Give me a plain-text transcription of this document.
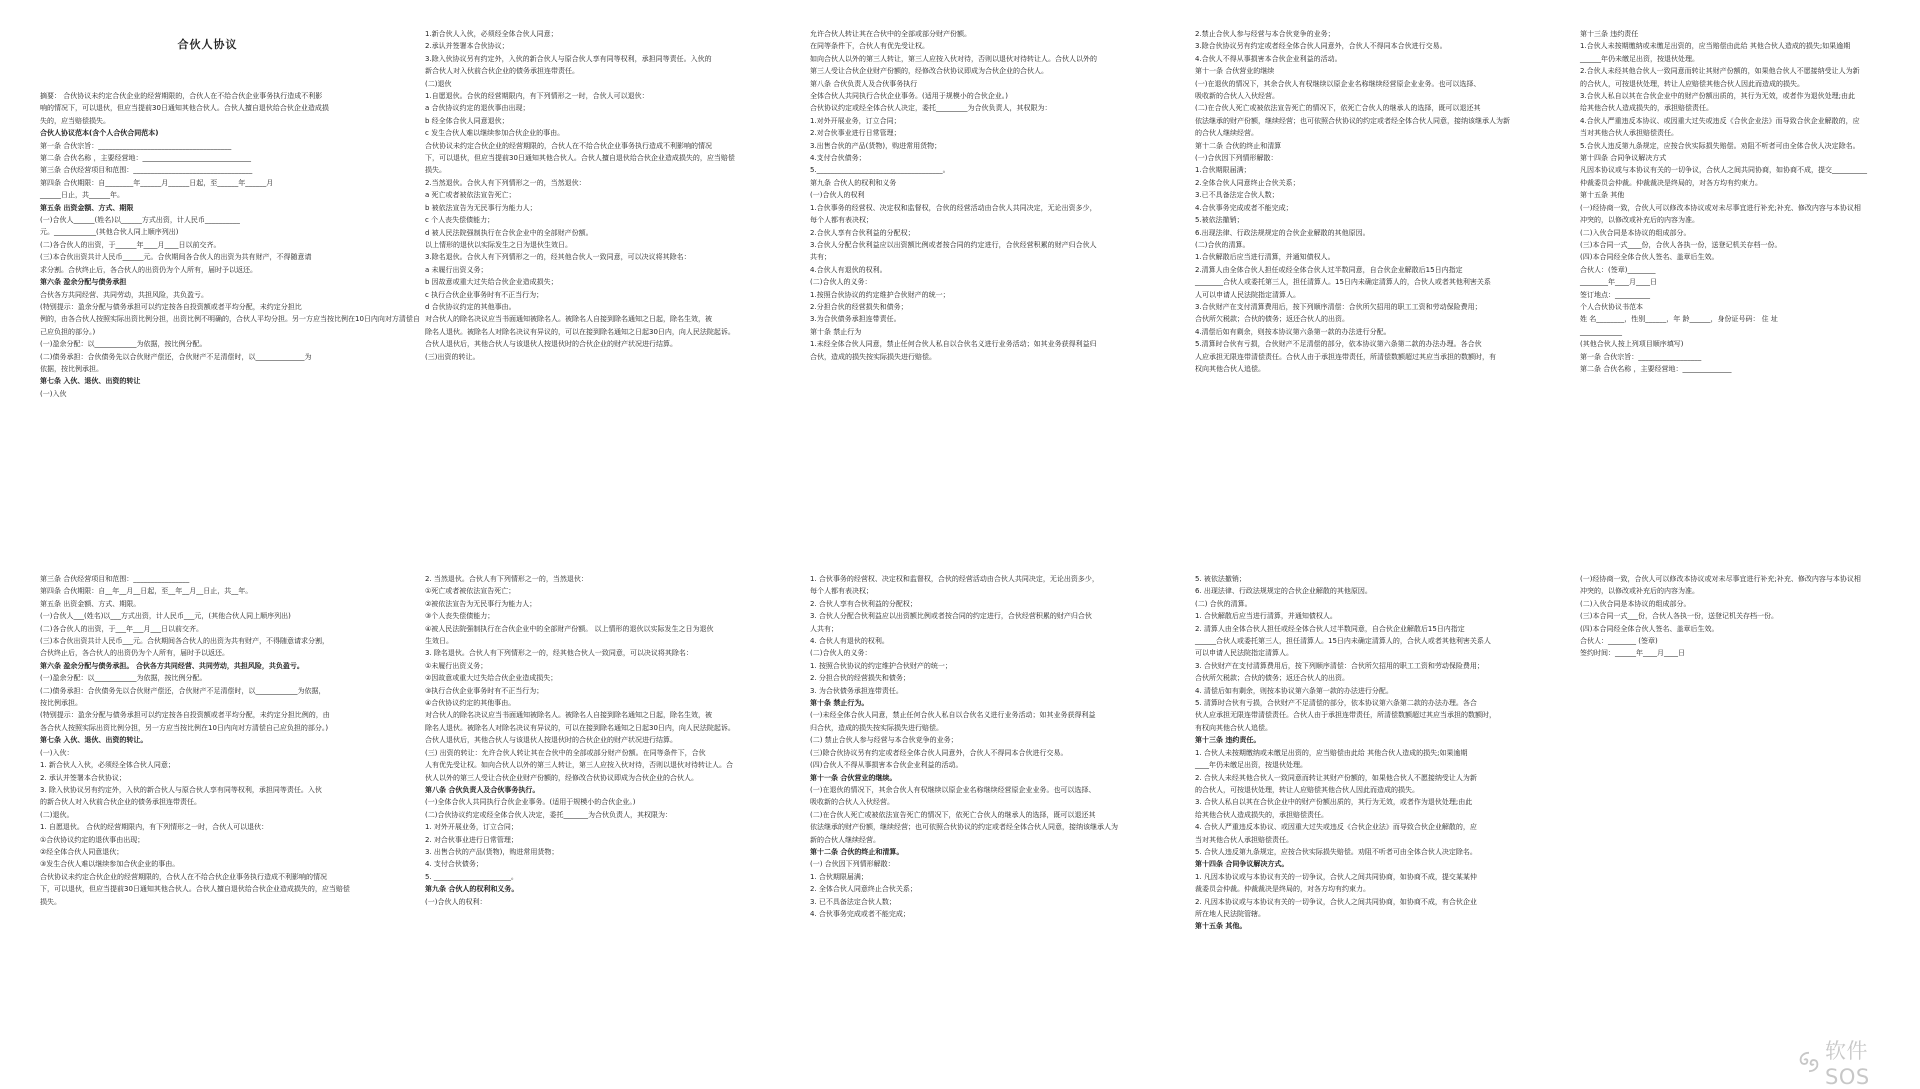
合伙人协议
摘要： 合伙协议未约定合伙企业的经营期限的，合伙人在不给合伙企业事务执行造成不利影
响的情况下，可以退伙，但应当提前30日通知其他合伙人。合伙人擅自退伙给合伙企业造成损
失的，应当赔偿损失。
合伙人协议范本(含个人合伙合同范本)
第一条 合伙宗旨：______________________________________
第二条 合伙名称 ，主要经营地：_______________________________
第三条 合伙经营项目和范围：__________________________________
第四条 合伙期限：自________年______月______日起，至______年______月
______日止，共______年。
第五条 出资金额、方式、期限
(一)合伙人______(姓名)以______方式出资，计人民币__________
元。____________(其他合伙人同上顺序列出)
(二)各合伙人的出资，于______年____月____日以前交齐。
(三)本合伙出资共计人民币______元。合伙期间各合伙人的出资为共有财产，不得随意请
求分割。合伙终止后，各合伙人的出资仍为个人所有，届时予以返还。
第六条 盈余分配与债务承担
合伙各方共同经营、共同劳动，共担风险，共负盈亏。
(特别提示：盈余分配与债务承担可以约定按各自投资额或者平均分配，未约定分担比
例的，由各合伙人按照实际出资比例分担，出资比例不明确的，合伙人平均分担。另一方应当按比例在10日内向对方清偿自
己应负担的部分。)
(一)盈余分配：以____________为依据，按比例分配。
(二)债务承担：合伙债务先以合伙财产偿还，合伙财产不足清偿时，以______________为
依据，按比例承担。
第七条 入伙、退伙、出资的转让
(一)入伙
1.新合伙人入伙，必须经全体合伙人同意；
2.承认并签署本合伙协议；
3.除入伙协议另有约定外，入伙的新合伙人与原合伙人享有同等权利，承担同等责任。入伙的
新合伙人对入伙前合伙企业的债务承担连带责任。
(二)退伙
1.自愿退伙。合伙的经营期限内，有下列情形之一时，合伙人可以退伙：
a 合伙协议约定的退伙事由出现；
b 经全体合伙人同意退伙；
c 发生合伙人难以继续参加合伙企业的事由。
合伙协议未约定合伙企业的经营期限的，合伙人在不给合伙企业事务执行造成不利影响的情况
下，可以退伙，但应当提前30日通知其他合伙人。合伙人擅自退伙给合伙企业造成损失的，应当赔偿
损失。
2.当然退伙。合伙人有下列情形之一的，当然退伙：
a 死亡或者被依法宣告死亡；
b 被依法宣告为无民事行为能力人；
c 个人丧失偿债能力；
d 被人民法院强制执行在合伙企业中的全部财产份额。
以上情形的退伙以实际发生之日为退伙生效日。
3.除名退伙。合伙人有下列情形之一的，经其他合伙人一致同意，可以决议将其除名：
a 未履行出资义务；
b 因故意或重大过失给合伙企业造成损失；
c 执行合伙企业事务时有不正当行为；
d 合伙协议约定的其他事由。
对合伙人的除名决议应当书面通知被除名人。被除名人自接到除名通知之日起，除名生效，被
除名人退伙。被除名人对除名决议有异议的，可以在接到除名通知之日起30日内，向人民法院起诉。
合伙人退伙后，其他合伙人与该退伙人按退伙时的合伙企业的财产状况进行结算。
(三)出资的转让。
允许合伙人转让其在合伙中的全部或部分财产份额。
在同等条件下，合伙人有优先受让权。
如向合伙人以外的第三人转让，第三人应按入伙对待，否则以退伙对待转让人。合伙人以外的
第三人受让合伙企业财产份额的，经修改合伙协议即成为合伙企业的合伙人。
第八条 合伙负责人及合伙事务执行
全体合伙人共同执行合伙企业事务。(适用于规模小的合伙企业。)
合伙协议约定或经全体合伙人决定，委托_________为合伙负责人，其权限为：
1.对外开展业务，订立合同；
2.对合伙事业进行日常管理；
3.出售合伙的产品(货物)，购进常用货物；
4.支付合伙债务；
5.____________________________________。
第九条 合伙人的权利和义务
(一)合伙人的权利
1.合伙事务的经营权、决定权和监督权，合伙的经营活动由合伙人共同决定，无论出资多少，
每个人都有表决权；
2.合伙人享有合伙利益的分配权；
3.合伙人分配合伙利益应以出资额比例或者按合同的约定进行，合伙经营积累的财产归合伙人
共有；
4.合伙人有退伙的权利。
(二)合伙人的义务：
1.按照合伙协议的约定维护合伙财产的统一；
2.分担合伙的经营损失和债务；
3.为合伙债务承担连带责任。
第十条 禁止行为
1.未经全体合伙人同意，禁止任何合伙人私自以合伙名义进行业务活动；如其业务获得利益归
合伙，造成的损失按实际损失进行赔偿。
2.禁止合伙人参与经营与本合伙竞争的业务；
3.除合伙协议另有约定或者经全体合伙人同意外，合伙人不得同本合伙进行交易。
4.合伙人不得从事损害本合伙企业利益的活动。
第十一条 合伙营业的继续
(一)在退伙的情况下，其余合伙人有权继续以原企业名称继续经营原企业业务。也可以选择、
吸收新的合伙人入伙经营。
(二)在合伙人死亡或被依法宣告死亡的情况下，依死亡合伙人的继承人的选择，既可以退还其
依法继承的财产份额，继续经营；也可依照合伙协议的约定或者经全体合伙人同意，接纳该继承人为新
的合伙人继续经营。
第十二条 合伙的终止和清算
(一)合伙因下列情形解散：
1.合伙期限届满；
2.全体合伙人同意终止合伙关系；
3.已不具备法定合伙人数；
4.合伙事务完成或者不能完成；
5.被依法撤销；
6.出现法律、行政法规规定的合伙企业解散的其他原因。
(二)合伙的清算。
1.合伙解散后应当进行清算，并通知债权人。
2.清算人由全体合伙人担任或经全体合伙人过半数同意，自合伙企业解散后15日内指定
________合伙人或委托第三人，担任清算人。15日内未确定清算人的，合伙人或者其他利害关系
人可以申请人民法院指定清算人。
3.合伙财产在支付清算费用后，按下列顺序清偿：合伙所欠招用的职工工资和劳动保险费用；
合伙所欠税款；合伙的债务；返还合伙人的出资。
4.清偿后如有剩余，则按本协议第六条第一款的办法进行分配。
5.清算时合伙有亏损，合伙财产不足清偿的部分，依本协议第六条第二款的办法办理。各合伙
人应承担无限连带清偿责任。合伙人由于承担连带责任，所清偿数额超过其应当承担的数额时，有
权向其他合伙人追偿。
第十三条 违约责任
1.合伙人未按期缴纳或未缴足出资的，应当赔偿由此给 其他合伙人造成的损失;如果逾期
______年仍未缴足出资，按退伙处理。
2.合伙人未经其他合伙人一致同意而转让其财产份额的，如果他合伙人不愿接纳受让人为新
的合伙人，可按退伙处理，转让人应赔偿其他合伙人因此而造成的损失。
3.合伙人私自以其在合伙企业中的财产份额出质的，其行为无效，或者作为退伙处理;由此
给其他合伙人造成损失的，承担赔偿责任。
4.合伙人严重违反本协议、或因重大过失或违反《合伙企业法》而导致合伙企业解散的，应
当对其他合伙人承担赔偿责任。
5.合伙人违反第九条规定，应按合伙实际损失赔偿。劝阻不听者可由全体合伙人决定除名。
第十四条 合同争议解决方式
凡因本协议或与本协议有关的一切争议，合伙人之间共同协商，如协商不成，提交__________
仲裁委员会仲裁。仲裁裁决是终局的，对各方均有约束力。
第十五条 其他
(一)经协商一致，合伙人可以修改本协议或对未尽事宜进行补充;补充、修改内容与本协议相
冲突的，以修改或补充后的内容为准。
(二)入伙合同是本协议的组成部分。
(三)本合同一式____份，合伙人各执一份，送登记机关存档一份。
(四)本合同经全体合伙人签名、盖章后生效。
合伙人：(签章)________
________年____月____日
签订地点：__________
个人合伙协议书范本
姓 名________，性别______，年 龄______，身份证号码： 住 址
____________
(其他合伙人按上列项目顺序填写)
第一条 合伙宗旨：__________________
第二条 合伙名称 ，主要经营地：______________
第三条 合伙经营项目和范围：________________
第四条 合伙期限：自__年__月__日起，至__年__月__日止，共__年。
第五条 出资金额、方式、期限。
(一)合伙人___(姓名)以___方式出资，计人民币___元，(其他合伙人同上顺序列出)
(二)各合伙人的出资，于___年___月___日以前交齐。
(三)本合伙出资共计人民币___元。合伙期间各合伙人的出资为共有财产，不得随意请求分割，
合伙终止后，各合伙人的出资仍为个人所有，届时予以返还。
第六条 盈余分配与债务承担。 合伙各方共同经营、共同劳动，共担风险，共负盈亏。
(一)盈余分配：以____________为依据，按比例分配。
(二)债务承担：合伙债务先以合伙财产偿还，合伙财产不足清偿时，以____________为依据，
按比例承担。
(特别提示：盈余分配与债务承担可以约定按各自投资额或者平均分配，未约定分担比例的，由
各合伙人按照实际出资比例分担，另一方应当按比例在10日内向对方清偿自己应负担的部分。)
第七条 入伙、退伙、出资的转让。
(一)入伙：
1. 新合伙人入伙，必须经全体合伙人同意；
2. 承认并签署本合伙协议；
3. 除入伙协议另有约定外，入伙的新合伙人与原合伙人享有同等权利，承担同等责任。入伙
的新合伙人对入伙前合伙企业的债务承担连带责任。
(二)退伙。
1. 自愿退伙。 合伙的经营期限内，有下列情形之一时，合伙人可以退伙：
①合伙协议约定的退伙事由出现；
②经全体合伙人同意退伙；
③发生合伙人难以继续参加合伙企业的事由。
合伙协议未约定合伙企业的经营期限的，合伙人在不给合伙企业事务执行造成不利影响的情况
下，可以退伙，但应当提前30日通知其他合伙人。合伙人擅自退伙给合伙企业造成损失的，应当赔偿
损失。
2. 当然退伙。合伙人有下列情形之一的，当然退伙：
①死亡或者被依法宣告死亡；
②被依法宣告为无民事行为能力人；
③个人丧失偿债能力；
④被人民法院强制执行在合伙企业中的全部财产份额。 以上情形的退伙以实际发生之日为退伙
生效日。
3. 除名退伙。合伙人有下列情形之一的，经其他合伙人一致同意，可以决议将其除名：
①未履行出资义务；
②因故意或重大过失给合伙企业造成损失；
③执行合伙企业事务时有不正当行为；
④合伙协议约定的其他事由。
对合伙人的除名决议应当书面通知被除名人。被除名人自接到除名通知之日起，除名生效，被
除名人退伙。被除名人对除名决议有异议的，可以在接到除名通知之日起30日内，向人民法院起诉。
合伙人退伙后，其他合伙人与该退伙人按退伙时的合伙企业的财产状况进行结算。
(三) 出资的转让：允许合伙人转让其在合伙中的全部或部分财产份额。在同等条件下，合伙
人有优先受让权。如向合伙人以外的第三人转让，第三人应按入伙对待，否则以退伙对待转让人。合
伙人以外的第三人受让合伙企业财产份额的，经修改合伙协议即成为合伙企业的合伙人。
第八条 合伙负责人及合伙事务执行。
(一)全体合伙人共同执行合伙企业事务。(适用于规模小的合伙企业。)
(二)合伙协议约定或经全体合伙人决定，委托_______为合伙负责人，其权限为：
1. 对外开展业务，订立合同；
2. 对合伙事业进行日常管理；
3. 出售合伙的产品(货物)，购进常用货物；
4. 支付合伙债务；
5. ______________________。
第九条 合伙人的权利和义务。
(一)合伙人的权利：
1. 合伙事务的经营权、决定权和监督权，合伙的经营活动由合伙人共同决定，无论出资多少，
每个人都有表决权；
2. 合伙人享有合伙利益的分配权；
3. 合伙人分配合伙利益应以出资额比例或者按合同的约定进行，合伙经营积累的财产归合伙
人共有；
4. 合伙人有退伙的权利。
(二)合伙人的义务：
1. 按照合伙协议的约定维护合伙财产的统一；
2. 分担合伙的经营损失和债务；
3. 为合伙债务承担连带责任。
第十条 禁止行为。
(一)未经全体合伙人同意，禁止任何合伙人私自以合伙名义进行业务活动；如其业务获得利益
归合伙，造成的损失按实际损失进行赔偿。
(二) 禁止合伙人参与经营与本合伙竞争的业务；
(三)除合伙协议另有约定或者经全体合伙人同意外，合伙人不得同本合伙进行交易。
(四)合伙人不得从事损害本合伙企业利益的活动。
第十一条 合伙营业的继续。
(一)在退伙的情况下，其余合伙人有权继续以原企业名称继续经营原企业业务。也可以选择、
吸收新的合伙人入伙经营。
(二)在合伙人死亡或被依法宣告死亡的情况下，依死亡合伙人的继承人的选择，既可以退还其
依法继承的财产份额，继续经营；也可依照合伙协议的约定或者经全体合伙人同意，接纳该继承人为
新的合伙人继续经营。
第十二条 合伙的终止和清算。
(一) 合伙因下列情形解散：
1. 合伙期限届满；
2. 全体合伙人同意终止合伙关系；
3. 已不具备法定合伙人数；
4. 合伙事务完成或者不能完成；
5. 被依法撤销；
6. 出现法律、行政法规规定的合伙企业解散的其他原因。
(二) 合伙的清算。
1. 合伙解散后应当进行清算，并通知债权人。
2. 清算人由全体合伙人担任或经全体合伙人过半数同意，自合伙企业解散后15日内指定
______合伙人或委托第三人，担任清算人。15日内未确定清算人的，合伙人或者其他利害关系人
可以申请人民法院指定清算人。
3. 合伙财产在支付清算费用后，按下列顺序清偿：合伙所欠招用的职工工资和劳动保险费用；
合伙所欠税款；合伙的债务；返还合伙人的出资。
4. 清偿后如有剩余，则按本协议第六条第一款的办法进行分配。
5. 清算时合伙有亏损，合伙财产不足清偿的部分，依本协议第六条第二款的办法办理。各合
伙人应承担无限连带清偿责任。合伙人由于承担连带责任，所清偿数额超过其应当承担的数额时，
有权向其他合伙人追偿。
第十三条 违约责任。
1. 合伙人未按期缴纳或未缴足出资的，应当赔偿由此给 其他合伙人造成的损失;如果逾期
____年仍未缴足出资，按退伙处理。
2. 合伙人未经其他合伙人一致同意而转让其财产份额的，如果他合伙人不愿接纳受让人为新
的合伙人，可按退伙处理，转让人应赔偿其他合伙人因此而造成的损失。
3. 合伙人私自以其在合伙企业中的财产份额出质的，其行为无效，或者作为退伙处理;由此
给其他合伙人造成损失的，承担赔偿责任。
4. 合伙人严重违反本协议、或因重大过失或违反《合伙企业法》而导致合伙企业解散的，应
当对其他合伙人承担赔偿责任。
5. 合伙人违反第九条规定，应按合伙实际损失赔偿。劝阻不听者可由全体合伙人决定除名。
第十四条 合同争议解决方式。
1. 凡因本协议或与本协议有关的一切争议，合伙人之间共同协商，如协商不成，提交某某仲
裁委员会仲裁。仲裁裁决是终局的，对各方均有约束力。
2. 凡因本协议或与本协议有关的一切争议，合伙人之间共同协商，如协商不成，有合伙企业
所在地人民法院管辖。
第十五条 其他。
(一)经协商一致，合伙人可以修改本协议或对未尽事宜进行补充;补充、修改内容与本协议相
冲突的，以修改或补充后的内容为准。
(二)入伙合同是本协议的组成部分。
(三)本合同一式___份，合伙人各执一份，送登记机关存档一份。
(四)本合同经全体合伙人签名、盖章后生效。
合伙人：________ (签章)
签约时间：______年____月____日
软件SOS
